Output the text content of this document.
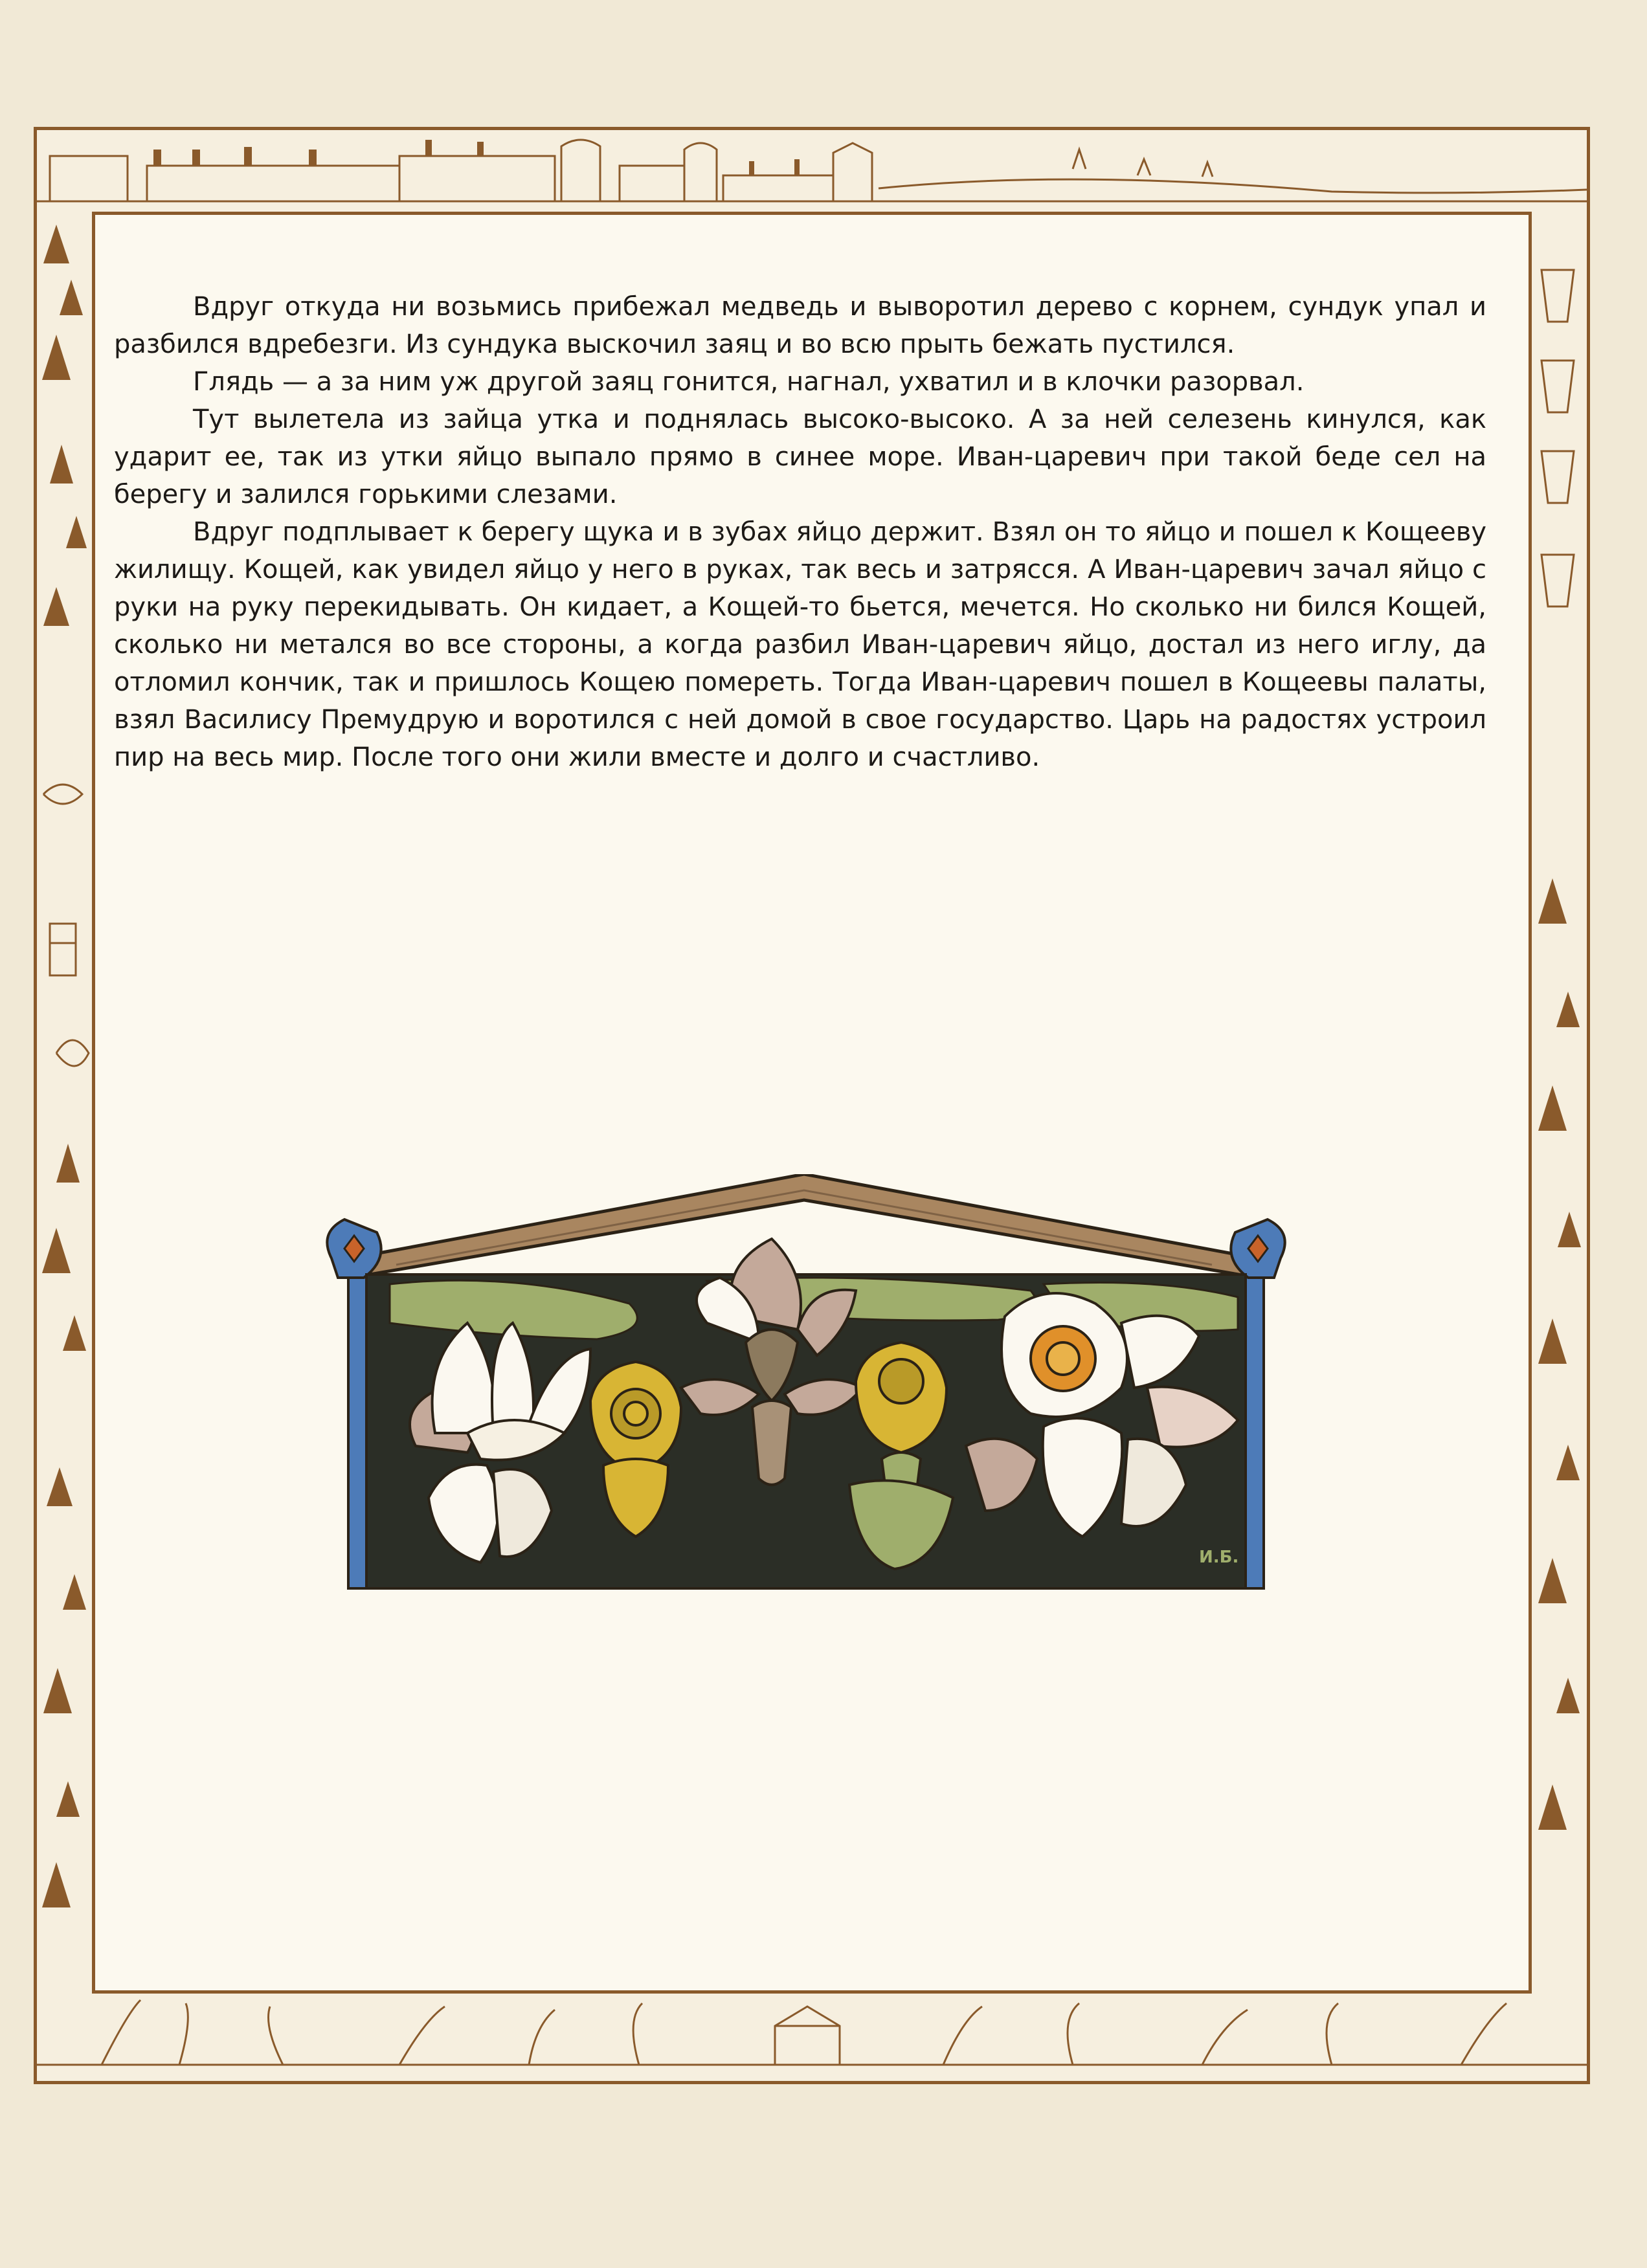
Вдруг откуда ни возьмись прибежал медведь и выворотил дерево с корнем, сундук упал и разбился вдребезги. Из сундука выскочил заяц и во всю прыть бежать пустился.

Глядь — а за ним уж другой заяц гонится, нагнал, ухватил и в клочки разорвал.

Тут вылетела из зайца утка и поднялась высоко-высоко. А за ней селезень кинулся, как ударит ее, так из утки яйцо выпало прямо в синее море. Иван-царевич при такой беде сел на берегу и залился горькими слезами.

Вдруг подплывает к берегу щука и в зубах яйцо держит. Взял он то яйцо и пошел к Кощееву жилищу. Кощей, как увидел яйцо у него в руках, так весь и затрясся. А Иван-царевич зачал яйцо с руки на руку перекидывать. Он кидает, а Кощей-то бьется, мечется. Но сколько ни бился Кощей, сколько ни метался во все стороны, а когда разбил Иван-царевич яйцо, достал из него иглу, да отломил кончик, так и пришлось Кощею помереть. Тогда Иван-царевич пошел в Кощеевы палаты, взял Василису Премудрую и воротился с ней домой в свое государство. Царь на радостях устроил пир на весь мир. После того они жили вместе и долго и счастливо.

И.Б.
